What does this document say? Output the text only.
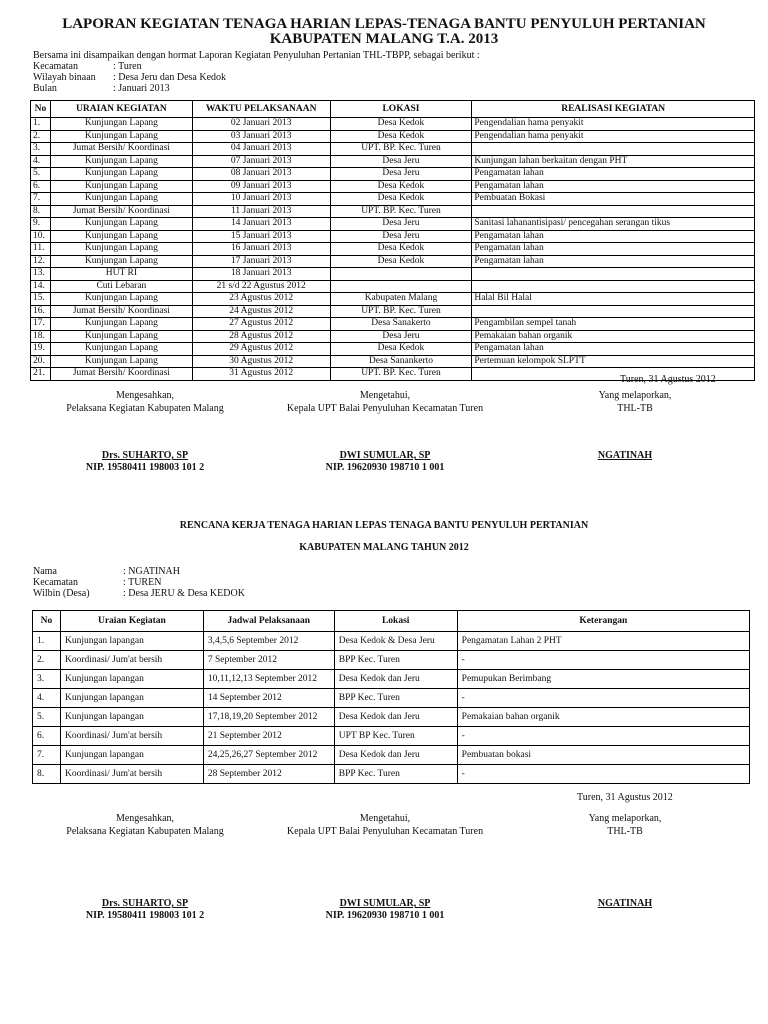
LAPORAN KEGIATAN TENAGA HARIAN LEPAS-TENAGA BANTU PENYULUH PERTANIAN
KABUPATEN MALANG T.A. 2013
Bersama ini disampaikan dengan hormat Laporan Kegiatan Penyuluhan Pertanian THL-TBPP, sebagai berikut :
Kecamatan	: Turen
Wilayah binaan : Desa Jeru dan Desa Kedok
Bulan	: Januari 2013
No	URAIAN KEGIATAN	WAKTU PELAKSANAAN	LOKASI	REALISASI KEGIATAN
1.	Kunjungan Lapang	02 Januari 2013	Desa Kedok	Pengendalian hama penyakit
2.	Kunjungan Lapang	03 Januari 2013	Desa Kedok	Pengendalian hama penyakit
3.	Jumat Bersih/ Koordinasi	04 Januari 2013	UPT. BP. Kec. Turen	
4.	Kunjungan Lapang	07 Januari 2013	Desa Jeru	Kunjungan lahan berkaitan dengan PHT
5.	Kunjungan Lapang	08 Januari 2013	Desa Jeru	Pengamatan lahan
6.	Kunjungan Lapang	09 Januari 2013	Desa Kedok	Pengamatan lahan
7.	Kunjungan Lapang	10 Januari 2013	Desa Kedok	Pembuatan Bokasi
8.	Jumat Bersih/ Koordinasi	11 Januari 2013	UPT. BP. Kec. Turen	
9.	Kunjungan Lapang	14 Januari 2013	Desa Jeru	Sanitasi lahanantisipasi/ pencegahan serangan tikus
10.	Kunjungan Lapang	15 Januari 2013	Desa Jeru	Pengamatan lahan
11.	Kunjungan Lapang	16 Januari 2013	Desa Kedok	Pengamatan lahan
12.	Kunjungan Lapang	17 Januari 2013	Desa Kedok	Pengamatan lahan
13.	HUT RI	18 Januari 2013		
14.	Cuti Lebaran	21 s/d 22 Agustus 2012		
15.	Kunjungan Lapang	23 Agustus 2012	Kabupaten Malang	Halal Bil Halal
16.	Jumat Bersih/ Koordinasi	24 Agustus 2012	UPT. BP. Kec. Turen	
17.	Kunjungan Lapang	27 Agustus 2012	Desa Sanakerto	Pengambilan sempel tanah
18.	Kunjungan Lapang	28 Agustus 2012	Desa Jeru	Pemakaian bahan organik
19.	Kunjungan Lapang	29 Agustus 2012	Desa Kedok	Pengamatan lahan
20.	Kunjungan Lapang	30 Agustus 2012	Desa Sanankerto	Pertemuan kelompok SLPTT
21.	Jumat Bersih/ Koordinasi	31 Agustus 2012	UPT. BP. Kec. Turen	
Turen, 31 Agustus 2012
Mengesahkan,
Pelaksana Kegiatan Kabupaten Malang
Mengetahui,
Kepala UPT Balai Penyuluhan Kecamatan Turen
Yang melaporkan,
THL-TB
Drs. SUHARTO, SP
NIP. 19580411 198003 101 2
DWI SUMULAR, SP
NIP. 19620930 198710 1 001
NGATINAH
RENCANA KERJA TENAGA HARIAN LEPAS TENAGA BANTU PENYULUH PERTANIAN
KABUPATEN MALANG TAHUN 2012
Nama	: NGATINAH
Kecamatan	: TUREN
Wilbin (Desa)	: Desa JERU & Desa KEDOK
No	Uraian Kegiatan	Jadwal Pelaksanaan	Lokasi	Keterangan
1.	Kunjungan lapangan	3,4,5,6 September 2012	Desa Kedok & Desa Jeru	Pengamatan Lahan 2 PHT
2.	Koordinasi/ Jum'at bersih	7 September 2012	BPP Kec. Turen	-
3.	Kunjungan lapangan	10,11,12,13 September 2012	Desa Kedok dan Jeru	Pemupukan Berimbang
4.	Kunjungan lapangan	14 September 2012	BPP Kec. Turen	-
5.	Kunjungan lapangan	17,18,19,20 September 2012	Desa Kedok dan Jeru	Pemakaian bahan organik
6.	Koordinasi/ Jum'at bersih	21 September 2012	UPT BP Kec. Turen	-
7.	Kunjungan lapangan	24,25,26,27 September 2012	Desa Kedok dan Jeru	Pembuatan bokasi
8.	Koordinasi/ Jum'at bersih	28 September 2012	BPP Kec. Turen	-
Turen, 31 Agustus 2012
Mengesahkan,
Pelaksana Kegiatan Kabupaten Malang
Mengetahui,
Kepala UPT Balai Penyuluhan Kecamatan Turen
Yang melaporkan,
THL-TB
Drs. SUHARTO, SP
NIP. 19580411 198003 101 2
DWI SUMULAR, SP
NIP. 19620930 198710 1 001
NGATINAH
